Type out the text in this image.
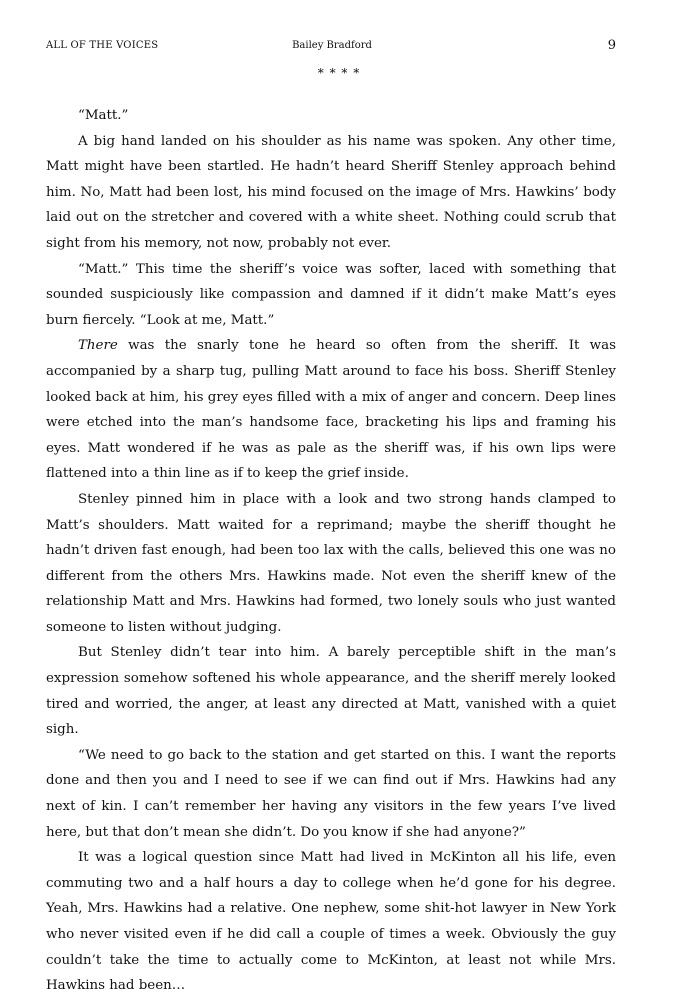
ALL OF THE VOICES	Bailey Bradford	9
* * * *

“Matt.”

A big hand landed on his shoulder as his name was spoken. Any other time, Matt might have been startled. He hadn’t heard Sheriff Stenley approach behind him. No, Matt had been lost, his mind focused on the image of Mrs. Hawkins’ body laid out on the stretcher and covered with a white sheet. Nothing could scrub that sight from his memory, not now, probably not ever.

“Matt.” This time the sheriff’s voice was softer, laced with something that sounded suspiciously like compassion and damned if it didn’t make Matt’s eyes burn fiercely. “Look at me, Matt.”

There was the snarly tone he heard so often from the sheriff. It was accompanied by a sharp tug, pulling Matt around to face his boss. Sheriff Stenley looked back at him, his grey eyes filled with a mix of anger and concern. Deep lines were etched into the man’s handsome face, bracketing his lips and framing his eyes. Matt wondered if he was as pale as the sheriff was, if his own lips were flattened into a thin line as if to keep the grief inside.

Stenley pinned him in place with a look and two strong hands clamped to Matt’s shoulders. Matt waited for a reprimand; maybe the sheriff thought he hadn’t driven fast enough, had been too lax with the calls, believed this one was no different from the others Mrs. Hawkins made. Not even the sheriff knew of the relationship Matt and Mrs. Hawkins had formed, two lonely souls who just wanted someone to listen without judging.

But Stenley didn’t tear into him. A barely perceptible shift in the man’s expression somehow softened his whole appearance, and the sheriff merely looked tired and worried, the anger, at least any directed at Matt, vanished with a quiet sigh.

“We need to go back to the station and get started on this. I want the reports done and then you and I need to see if we can find out if Mrs. Hawkins had any next of kin. I can’t remember her having any visitors in the few years I’ve lived here, but that don’t mean she didn’t. Do you know if she had anyone?”

It was a logical question since Matt had lived in McKinton all his life, even commuting two and a half hours a day to college when he’d gone for his degree. Yeah, Mrs. Hawkins had a relative. One nephew, some shit-hot lawyer in New York who never visited even if he did call a couple of times a week. Obviously the guy couldn’t take the time to actually come to McKinton, at least not while Mrs. Hawkins had been…
